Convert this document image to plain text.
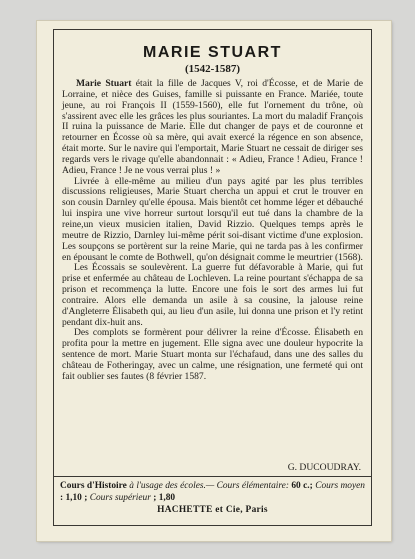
MARIE STUART
(1542-1587)

Marie Stuart était la fille de Jacques V, roi d'Écosse, et de Marie de Lorraine, et nièce des Guises, famille si puissante en France. Mariée, toute jeune, au roi François II (1559-1560), elle fut l'ornement du trône, où s'assirent avec elle les grâces les plus souriantes. La mort du maladif François II ruina la puissance de Marie. Elle dut changer de pays et de couronne et retourner en Écosse où sa mère, qui avait exercé la régence en son absence, était morte. Sur le navire qui l'emportait, Marie Stuart ne cessait de diriger ses regards vers le rivage qu'elle abandonnait : « Adieu, France ! Adieu, France ! Adieu, France ! Je ne vous verrai plus ! »

Livrée à elle-même au milieu d'un pays agité par les plus terribles discussions religieuses, Marie Stuart chercha un appui et crut le trouver en son cousin Darnley qu'elle épousa. Mais bientôt cet homme léger et débauché lui inspira une vive horreur surtout lorsqu'il eut tué dans la chambre de la reine,un vieux musicien italien, David Rizzio. Quelques temps après le meutre de Rizzio, Darnley lui-même périt soi-disant victime d'une explosion. Les soupçons se portèrent sur la reine Marie, qui ne tarda pas à les confirmer en épousant le comte de Bothwell, qu'on désignait comme le meurtrier (1568).

Les Écossais se soulevèrent. La guerre fut défavorable à Marie, qui fut prise et enfermée au château de Lochleven. La reine pourtant s'échappa de sa prison et recommença la lutte. Encore une fois le sort des armes lui fut contraire. Alors elle demanda un asile à sa cousine, la jalouse reine d'Angleterre Élisabeth qui, au lieu d'un asile, lui donna une prison et l'y retint pendant dix-huit ans.

Des complots se formèrent pour délivrer la reine d'Écosse. Élisabeth en profita pour la mettre en jugement. Elle signa avec une douleur hypocrite la sentence de mort. Marie Stuart monta sur l'échafaud, dans une des salles du château de Fotheringay, avec un calme, une résignation, une fermeté qui ont fait oublier ses fautes (8 février 1587.

G. DUCOUDRAY.
Cours d'Histoire à l'usage des écoles.— Cours élémentaire: 60 c.; Cours moyen : 1,10 ; Cours supérieur ; 1,80
HACHETTE et Cie, Paris
